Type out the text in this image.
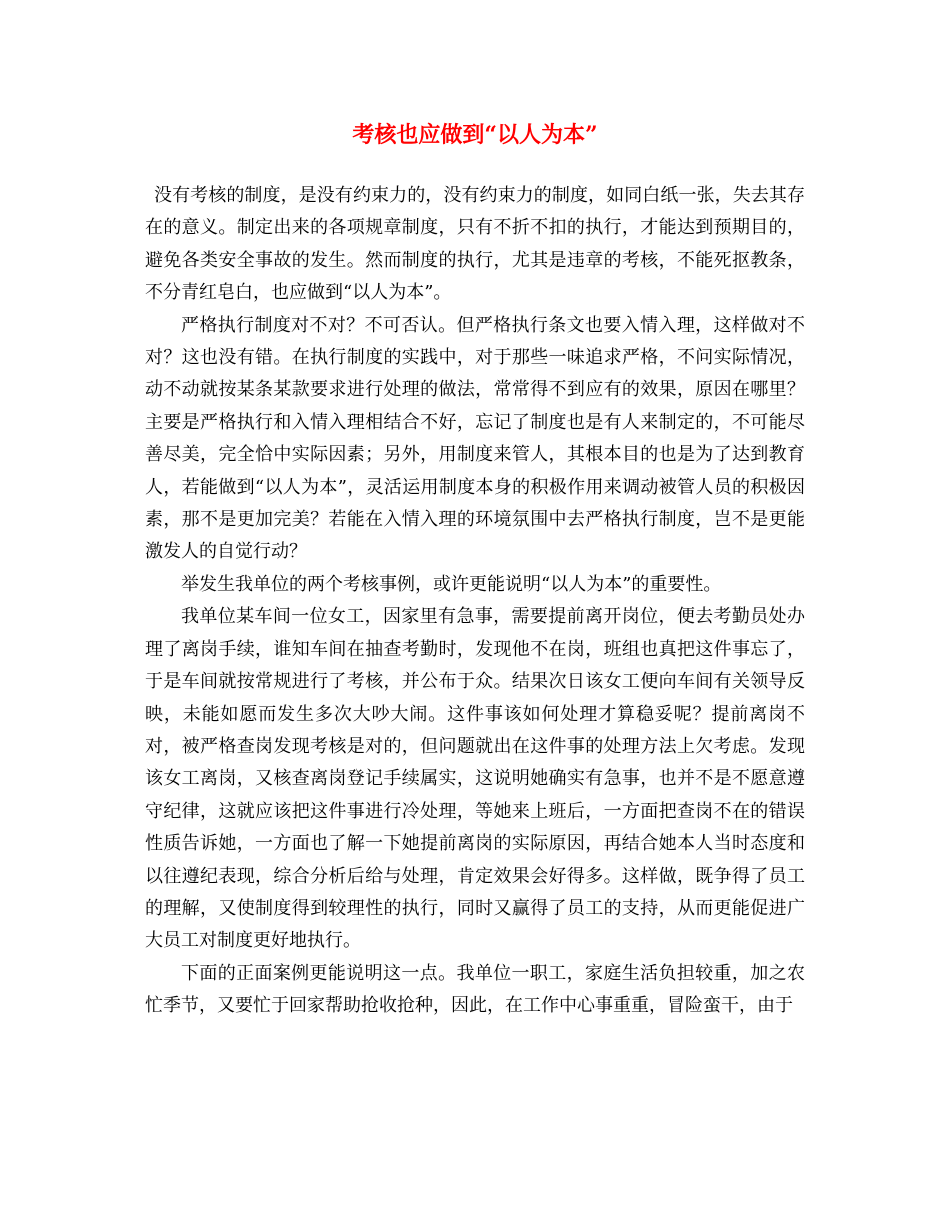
考核也应做到“以人为本”

没有考核的制度，是没有约束力的，没有约束力的制度，如同白纸一张，失去其存在的意义。制定出来的各项规章制度，只有不折不扣的执行，才能达到预期目的，避免各类安全事故的发生。然而制度的执行，尤其是违章的考核，不能死抠教条，不分青红皂白，也应做到“以人为本”。

严格执行制度对不对？不可否认。但严格执行条文也要入情入理，这样做对不对？这也没有错。在执行制度的实践中，对于那些一味追求严格，不问实际情况，动不动就按某条某款要求进行处理的做法，常常得不到应有的效果，原因在哪里？主要是严格执行和入情入理相结合不好，忘记了制度也是有人来制定的，不可能尽善尽美，完全恰中实际因素；另外，用制度来管人，其根本目的也是为了达到教育人，若能做到“以人为本”，灵活运用制度本身的积极作用来调动被管人员的积极因素，那不是更加完美？若能在入情入理的环境氛围中去严格执行制度，岂不是更能激发人的自觉行动？

举发生我单位的两个考核事例，或许更能说明“以人为本”的重要性。

我单位某车间一位女工，因家里有急事，需要提前离开岗位，便去考勤员处办理了离岗手续，谁知车间在抽查考勤时，发现他不在岗，班组也真把这件事忘了，于是车间就按常规进行了考核，并公布于众。结果次日该女工便向车间有关领导反映，未能如愿而发生多次大吵大闹。这件事该如何处理才算稳妥呢？提前离岗不对，被严格查岗发现考核是对的，但问题就出在这件事的处理方法上欠考虑。发现该女工离岗，又核查离岗登记手续属实，这说明她确实有急事，也并不是不愿意遵守纪律，这就应该把这件事进行冷处理，等她来上班后，一方面把查岗不在的错误性质告诉她，一方面也了解一下她提前离岗的实际原因，再结合她本人当时态度和以往遵纪表现，综合分析后给与处理，肯定效果会好得多。这样做，既争得了员工的理解，又使制度得到较理性的执行，同时又赢得了员工的支持，从而更能促进广大员工对制度更好地执行。

下面的正面案例更能说明这一点。我单位一职工，家庭生活负担较重，加之农忙季节，又要忙于回家帮助抢收抢种，因此，在工作中心事重重，冒险蛮干，由于
